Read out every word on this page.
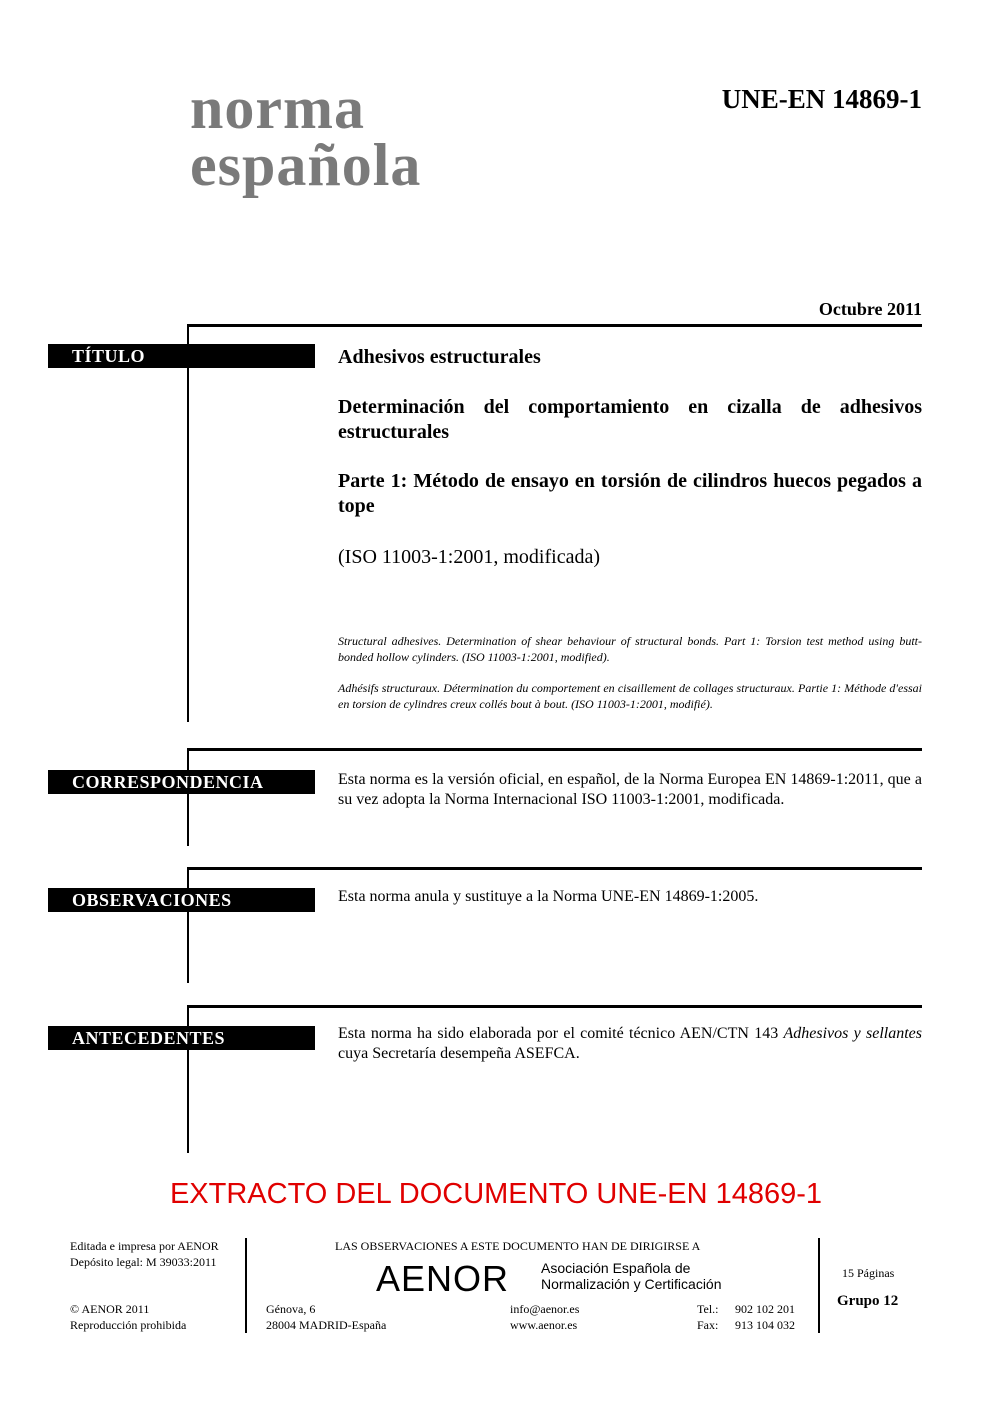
norma
española
UNE-EN 14869-1
Octubre 2011
TÍTULO	Adhesivos estructurales
Determinación del comportamiento en cizalla de adhesivos estructurales
Parte 1: Método de ensayo en torsión de cilindros huecos pegados a tope
(ISO 11003-1:2001, modificada)
Structural adhesives. Determination of shear behaviour of structural bonds. Part 1: Torsion test method using butt-bonded hollow cylinders. (ISO 11003-1:2001, modified).
Adhésifs structuraux. Détermination du comportement en cisaillement de collages structuraux. Partie 1: Méthode d'essai en torsion de cylindres creux collés bout à bout. (ISO 11003-1:2001, modifié).
CORRESPONDENCIA	Esta norma es la versión oficial, en español, de la Norma Europea EN 14869-1:2011, que a su vez adopta la Norma Internacional ISO 11003-1:2001, modificada.
OBSERVACIONES	Esta norma anula y sustituye a la Norma UNE-EN 14869-1:2005.
ANTECEDENTES	Esta norma ha sido elaborada por el comité técnico AEN/CTN 143 Adhesivos y sellantes cuya Secretaría desempeña ASEFCA.
EXTRACTO DEL DOCUMENTO UNE-EN 14869-1
Editada e impresa por AENOR
Depósito legal: M 39033:2011
© AENOR 2011
Reproducción prohibida
LAS OBSERVACIONES A ESTE DOCUMENTO HAN DE DIRIGIRSE A
AENOR Asociación Española de
Normalización y Certificación
Génova, 6
28004 MADRID-España
info@aenor.es
www.aenor.es
Tel.:
Fax:
902 102 201
913 104 032
15 Páginas
Grupo 12
